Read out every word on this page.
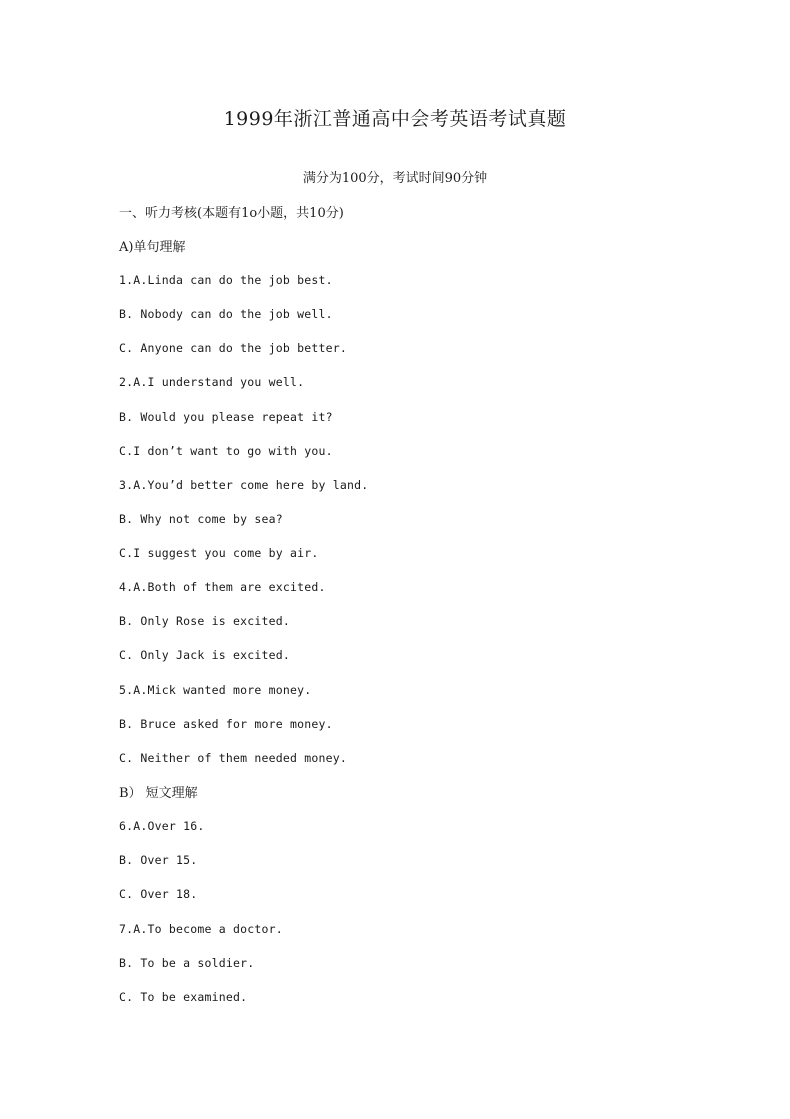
1999年浙江普通高中会考英语考试真题
满分为100分，考试时间90分钟
一、听力考核(本题有1o小题，共10分)
A)单句理解
1.A.Linda can do the job best.
B. Nobody can do the job well.
C. Anyone can do the job better.
2.A.I understand you well.
B. Would you please repeat it?
C.I don’t want to go with you.
3.A.You’d better come here by land.
B. Why not come by sea?
C.I suggest you come by air.
4.A.Both of them are excited.
B. Only Rose is excited.
C. Only Jack is excited.
5.A.Mick wanted more money.
B. Bruce asked for more money.
C. Neither of them needed money.
B） 短文理解
6.A.Over 16.
B. Over 15.
C. Over 18.
7.A.To become a doctor.
B. To be a soldier.
C. To be examined.
